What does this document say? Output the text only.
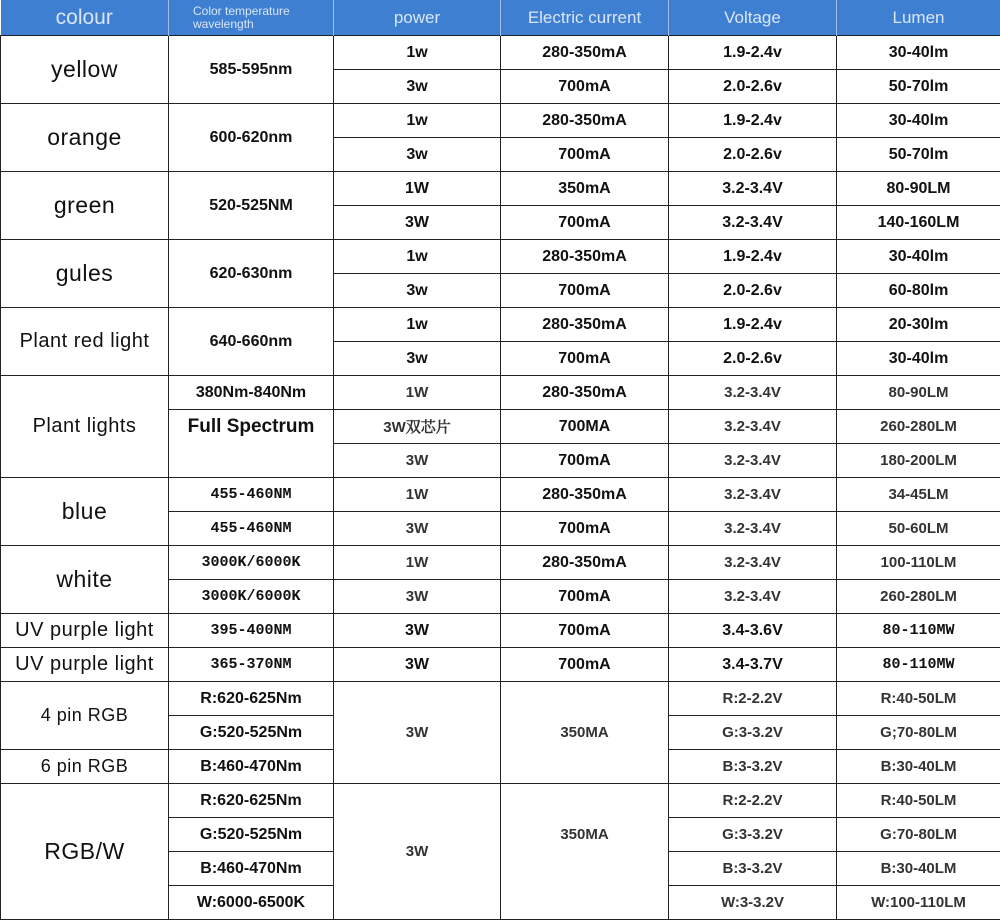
colour	Color temperature wavelength	power	Electric current	Voltage	Lumen
yellow	585-595nm	1w	280-350mA	1.9-2.4v	30-40lm
		3w	700mA	2.0-2.6v	50-70lm
orange	600-620nm	1w	280-350mA	1.9-2.4v	30-40lm
		3w	700mA	2.0-2.6v	50-70lm
green	520-525NM	1W	350mA	3.2-3.4V	80-90LM
		3W	700mA	3.2-3.4V	140-160LM
gules	620-630nm	1w	280-350mA	1.9-2.4v	30-40lm
		3w	700mA	2.0-2.6v	60-80lm
Plant red light	640-660nm	1w	280-350mA	1.9-2.4v	20-30lm
		3w	700mA	2.0-2.6v	30-40lm
Plant lights	380Nm-840Nm	1W	280-350mA	3.2-3.4V	80-90LM
	Full Spectrum	3W双芯片	700MA	3.2-3.4V	260-280LM
		3W	700mA	3.2-3.4V	180-200LM
blue	455-460NM	1W	280-350mA	3.2-3.4V	34-45LM
	455-460NM	3W	700mA	3.2-3.4V	50-60LM
white	3000K/6000K	1W	280-350mA	3.2-3.4V	100-110LM
	3000K/6000K	3W	700mA	3.2-3.4V	260-280LM
UV purple light	395-400NM	3W	700mA	3.4-3.6V	80-110MW
UV purple light	365-370NM	3W	700mA	3.4-3.7V	80-110MW
4 pin RGB	R:620-625Nm	3W	350MA	R:2-2.2V	R:40-50LM
	G:520-525Nm			G:3-3.2V	G;70-80LM
6 pin RGB	B:460-470Nm			B:3-3.2V	B:30-40LM
RGB/W	R:620-625Nm	3W	350MA	R:2-2.2V	R:40-50LM
	G:520-525Nm			G:3-3.2V	G:70-80LM
	B:460-470Nm			B:3-3.2V	B:30-40LM
	W:6000-6500K			W:3-3.2V	W:100-110LM
